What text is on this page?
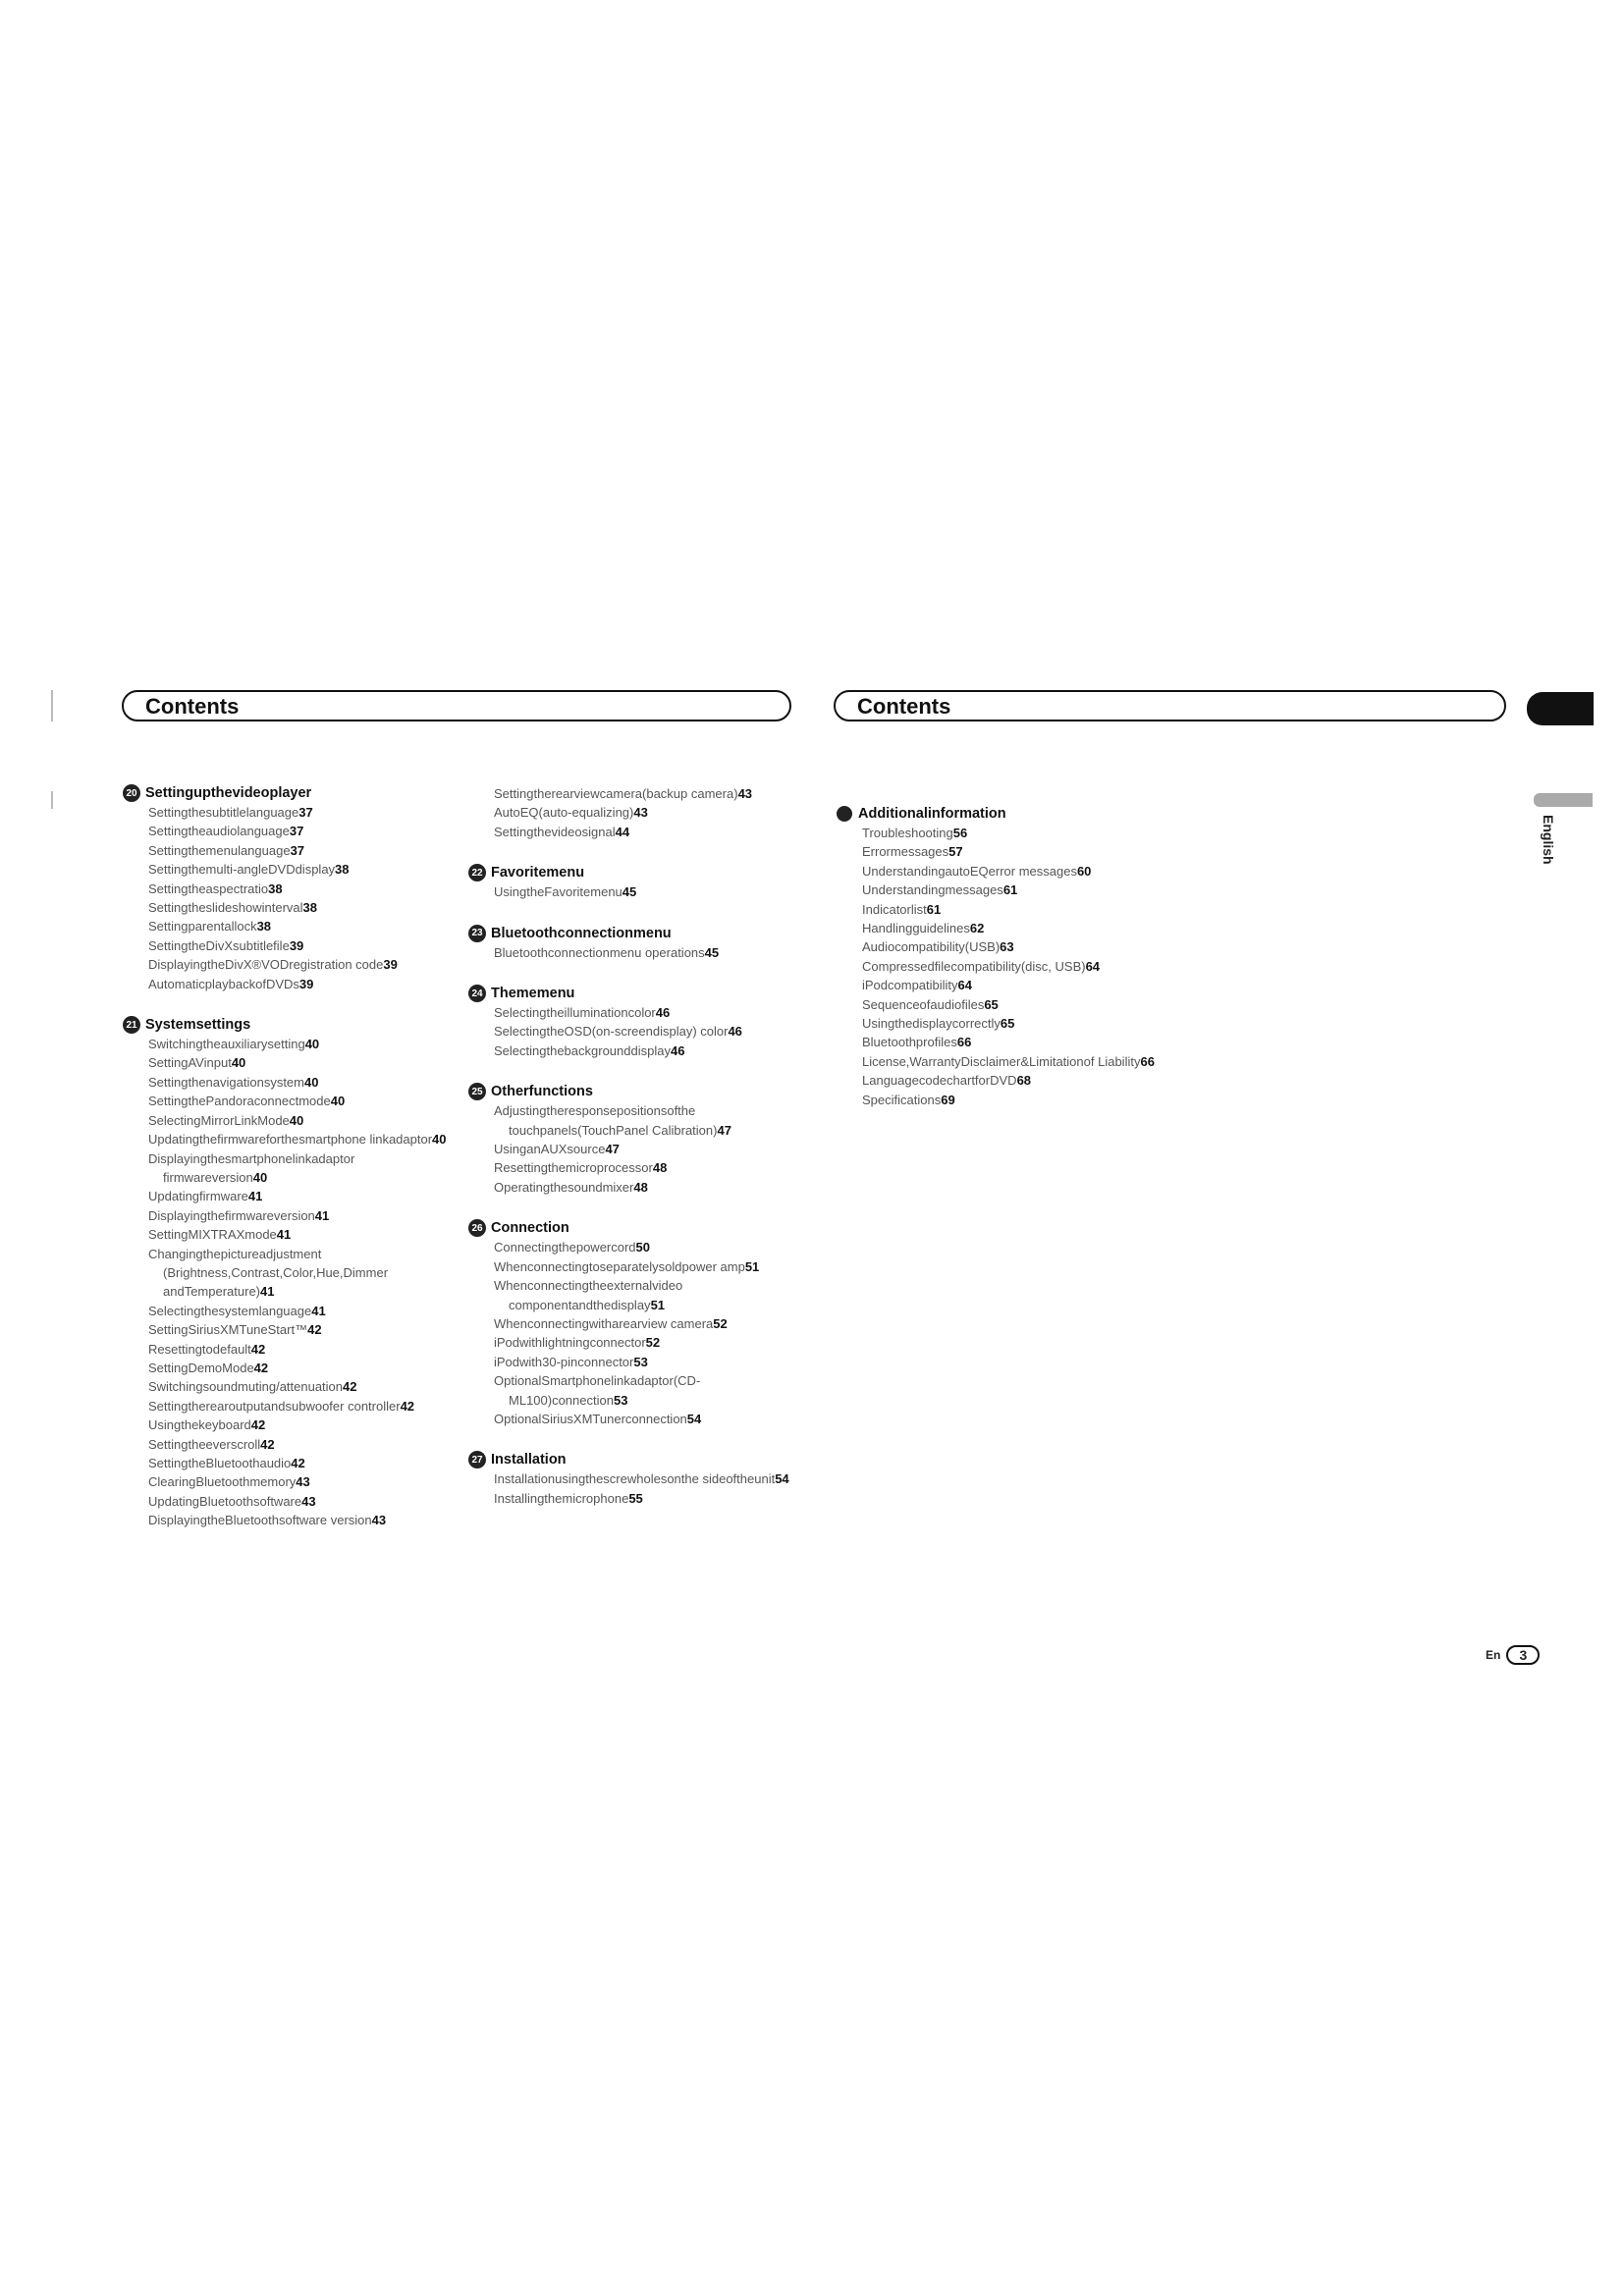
Contents	Contents
English
20 Settingupthevideoplayer
Settingthesubtitlelanguage37
Settingtheaudiolanguage37
Settingthemenulanguage37
Settingthemulti-angleDVDdisplay38
Settingtheaspectratio38
Settingtheslideshowinterval38
Settingparentallock38
SettingtheDivXsubtitlefile39
DisplayingtheDivX®VODregistration code39
AutomaticplaybackofDVDs39
21 Systemsettings
Switchingtheauxiliarysetting40
SettingAVinput40
Settingthenavigationsystem40
SettingthePandoraconnectmode40
SelectingMirrorLinkMode40
Updatingthefirmwareforthesmartphone linkadaptor40
Displayingthesmartphonelinkadaptor firmwareversion40
Updatingfirmware41
Displayingthefirmwareversion41
SettingMIXTRAXmode41
Changingthepictureadjustment (Brightness,Contrast,Color,Hue,Dimmer andTemperature)41
Selectingthesystemlanguage41
SettingSiriusXMTuneStart™42
Resettingtodefault42
SettingDemoMode42
Switchingsoundmuting/attenuation42
Settingtherearoutputandsubwoofer controller42
Usingthekeyboard42
Settingtheeverscroll42
SettingtheBluetoothaudio42
ClearingBluetoothmemory43
UpdatingBluetoothsoftware43
DisplayingtheBluetoothsoftware version43
Settingtherearviewcamera(backup camera)43
AutoEQ(auto-equalizing)43
Settingthevideosignal44
22 Favoritemenu
UsingtheFavoritemenu45
23 Bluetoothconnectionmenu
Bluetoothconnectionmenu operations45
24 Thememenu
Selectingtheilluminationcolor46
SelectingtheOSD(on-screendisplay) color46
Selectingthebackgrounddisplay46
25 Otherfunctions
Adjustingtheresponsepositionsofthe touchpanels(TouchPanel Calibration)47
UsinganAUXsource47
Resettingthemicroprocessor48
Operatingthesoundmixer48
26 Connection
Connectingthepowercord50
Whenconnectingtoseparatelysoldpower amp51
Whenconnectingtheexternalvideo componentandthedisplay51
Whenconnectingwitharearview camera52
iPodwithlightningconnector52
iPodwith30-pinconnector53
OptionalSmartphonelinkadaptor(CD- ML100)connection53
OptionalSiriusXMTunerconnection54
27 Installation
Installationusingthescrewholesonthe sideoftheunit54
Installingthemicrophone55
Additionalinformation
Troubleshooting56
Errormessages57
UnderstandingautoEQerror messages60
Understandingmessages61
Indicatorlist61
Handlingguidelines62
Audiocompatibility(USB)63
Compressedfilecompatibility(disc, USB)64
iPodcompatibility64
Sequenceofaudiofiles65
Usingthedisplaycorrectly65
Bluetoothprofiles66
License,WarrantyDisclaimer&Limitationof Liability66
LanguagecodechartforDVD68
Specifications69
En	3
